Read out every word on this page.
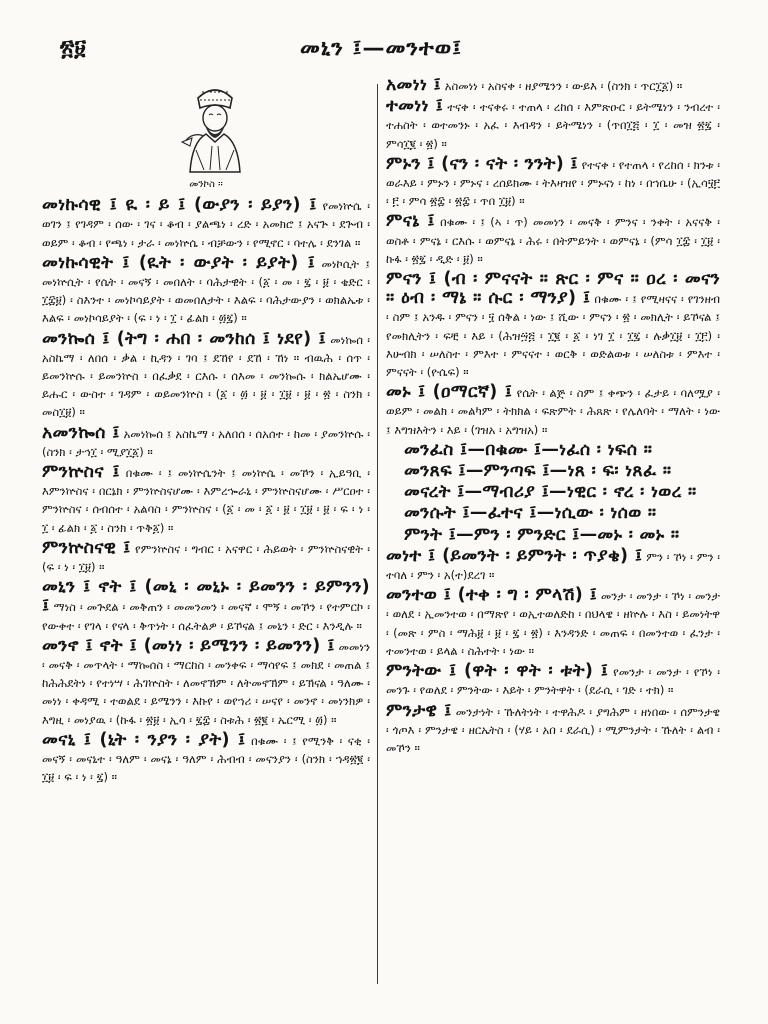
፳፱	መኒን ፤—መንተወ፤
መንኮስ ።
መነኩሳዊ ፤ ዪ ፡ ይ ፤ (ውያን ፡ ይያን) ፤ የመነኵሴ ፡ ወገን ፤ የገዳም ፡ ሰው ፡ ገና ፡ ቆብ ፡ ያልጫነ ፡ ረድ ፡ አመክሮ ፤ አናጕ ፡ ደጕብ ፡ ወይም ፡ ቆብ ፡ የጫነ ፡ ታራ ፡ መነኵሴ ፡ ብቻውን ፡ የሚኖር ፡ ባተሌ ፡ ደንገል ።
መነኩሳዊት ፤ (ዪት ፡ ውያት ፡ ይያት) ፤ መነኮሲት ፤ መነኵሲት ፡ የሴት ፡ መናኝ ፡ መበለት ፡ ባሕታዊት ፡ (፩ ፡ መ ፡ ፯ ፡ ፱ ፡ ቄድር ፡ ፲፰፱) ፡ ስእንተ ፡ መነኮሳይያት ፡ ወመበለታት ፡ እልፍ ፡ ባሕታውያን ፡ ወክልኤቱ ፡ እልፍ ፡ መነኮሳይያት ፡ (ፍ ፡ ነ ፡ ፲ ፡ ፊልክ ፡ ፴፯) ።
መንኰሰ ፤ (ትግ ፡ ሐበ ፡ መንከሰ ፤ ነደየ) ፤ መነኰሰ ፡ አስኬማ ፡ ለበሰ ፡ ቃል ፡ ኪዳን ፡ ገባ ፤ ደኸየ ፡ ደኸ ፡ ኸነ ። ብዉሕ ፡ ሰጥ ፡ ይመንኵሱ ፡ ይመንኵስ ፡ በፈቃደ ፡ ርእሱ ፡ ሰእመ ፡ መንኰሱ ፡ ክልኤሆሙ ፡ ይሑር ፡ ውስተ ፡ ገዳም ፡ ወይመንኵስ ፡ (፩ ፡ ፴ ፡ ፱ ፡ ፲፱ ፡ ፱ ፡ ፳ ፡ ስንክ ፡ መስ፲፱) ።
አመንኰሰ ፤ አመነኰሰ ፤ አስኬማ ፡ አለበሰ ፡ ሰአሰተ ፡ ከመ ፡ ያመንኵሱ ፡ (ስንክ ፡ ታኅ፲ ፡ ሚያ፲፩) ።
ምንኵስና ፤ በቁሙ ፡ ፤ መነኵሴንት ፤ መነኵሴ ፡ መኾን ፡ ኢይዓቢ ፡ እምንኵስና ፡ በርኔክ ፡ ምንኵስናሆሙ ፡ እምረኈራኒ ፡ ምንኵስናሆሙ ፡ ሥርዐተ ፡ ምንኵስና ፡ ሰብሰተ ፡ አልባስ ፡ ምንኵስና ፡ (፩ ፡ መ ፡ ፩ ፡ ፱ ፡ ፲፱ ፡ ፱ ፡ ፍ ፡ ነ ፡ ፲ ፡ ፊልክ ፡ ፩ ፡ ስንክ ፡ ጥቅ፩) ።
ምንኵስናዊ ፤ የምንኵስና ፡ ግብር ፡ አናዋር ፡ ሕይወት ፡ ምንኵስናዊት ፡ (ፍ ፡ ነ ፡ ፲፱) ።
መኒን ፤ ኖት ፤ (መኒ ፡ መኒኑ ፡ ይመንን ፡ ይምንን) ፤ ማነስ ፡ መጕደል ፡ መቅጠን ፡ መመንመን ፡ መናኛ ፡ ሞኝ ፡ መኾን ፡ የተምርኮ ፡ የውቀተ ፡ የገላ ፡ የናላ ፡ ቅጥነት ፡ ሰፈትልዎ ፡ ይኾናል ፤ መኒን ፡ ድር ፡ እንዲሉ ።
መንኖ ፤ ኖት ፤ (መነነ ፡ ይሜንን ፡ ይመንን) ፤ መመነን ፡ መናቅ ፡ መጥላት ፡ ማኰሰስ ፡ ማርከስ ፡ መንቀፍ ፡ ማሳየፍ ፤ መክደ ፡ መጠል ፤ ከሕሕደትነ ፡ የተነሣ ፡ ሕገኵስት ፡ ለመኖኽም ፡ ለትመኖኽም ፡ ይኽናል ፡ ዓለሙ ፡ መነነ ፡ ቀዳሚ ፡ ተወልደ ፡ ይሜንን ፡ እኩየ ፡ ወየኀሪ ፡ ሠናየ ፡ መንኖ ፡ መነንክዎ ፡ እግዚ ፡ መነያዉ ፡ (ኩፋ ፡ ፳፱ ፡ ኢሳ ፡ ፯፰ ፡ ስቱሕ ፡ ፳፪ ፡ ኤርሚ ፡ ፴) ።
መናኒ ፤ (ኒት ፡ ንያን ፡ ያት) ፤ በቁሙ ፡ ፤ የሚንቅ ፡ ናቂ ፡ መናኝ ፡ መናኒተ ፡ ዓለም ፡ መናኔ ፡ ዓለም ፡ ሕብብ ፡ መናንያን ፡ (ስንክ ፡ ኀዳ፳፪ ፡ ፲፱ ፡ ፍ ፡ ነ ፡ ፯) ።
አመነነ ፤ አስመነነ ፡ አስናቀ ፡ ዘያሜንን ፡ ውይእ ፡ (ስንክ ፡ ጥር፲፩) ።
ተመነነ ፤ ተናቀ ፡ ተናቀሩ ፡ ተጠላ ፡ ረከሰ ፡ እምጽዑር ፡ ይትሜነን ፡ ንብረተ ፡ ተሐስት ፡ ወተመንኑ ፡ አፈ ፡ እብዳን ፡ ይትሜነን ፡ (ጥበ፲፭ ፡ ፲ ፡ መዝ ፳፯ ፡ ምሳ፲፪ ፡ ፳) ።
ምኑን ፤ (ናን ፡ ናት ፡ ንንት) ፤ የተናቀ ፡ የተጠላ ፡ የረከሰ ፡ ክንቱ ፡ ወራእይ ፡ ምኑን ፡ ምኑና ፡ ረሰይክሙ ፡ ትእዛዝየ ፡ ምኑናነ ፡ ከነ ፡ በኀቤሁ ፡ (ኢሳ፶፫ ፡ ፫ ፡ ምሳ ፳፰ ፡ ፳፰ ፡ ጥበ ፲፱) ።
ምናኔ ፤ በቁሙ ፡ ፤ (ኣ ፡ ጥ) መመነን ፡ መናቅ ፡ ምንና ፡ ንቀት ፡ አናናቅ ፡ ወስቶ ፡ ምናኔ ፡ ርእሱ ፡ ወምናኔ ፡ ሕሩ ፡ በትምይንት ፡ ወምናኔ ፡ (ምሳ ፲፰ ፡ ፲፱ ፡ ኩፋ ፡ ፳፯ ፡ ዲድ ፡ ፱) ።
ምናን ፤ (ብ ፡ ምናናት ። ጽር ፡ ምና ። ዐረ ፡ መናን ። ዕብ ፡ ማኔ ። ሱር ፡ ማንያ) ፤ በቁሙ ፡ ፤ የሚዛናና ፡ የገንዘብ ፡ ስም ፤ አንዱ ፡ ምናን ፡ ፶ ሰቅል ፡ ነው ፤ ሺው ፡ ምናን ፡ ፳ ፡ መክሊት ፡ ይኾናል ፤ የመክሊትን ፡ ፍቺ ፡ እይ ፡ (ሕዝ፵፭ ፡ ፲፪ ፡ ፩ ፡ ነገ ፲ ፡ ፲፯ ፡ ሉቃ፲፱ ፡ ፲፫) ፡ እሁብክ ፡ ሠለስተ ፡ ምእተ ፡ ምናናተ ፡ ወርቅ ፡ ወድልወቱ ፡ ሠለስቱ ፡ ምእተ ፡ ምናናት ፡ (ዮሴፍ) ።
መኑ ፤ (ዐማርኛ) ፤ የሴት ፡ ልጅ ፡ ስም ፤ ቀጭን ፡ ፈታይ ፡ ባለሟያ ፡ ወይም ፡ መልክ ፡ መልካም ፡ ትክክል ፡ ፍጽምት ፡ ሕጸጽ ፡ የሌለባት ፡ ማለት ፡ ነው ፤ እግዝእትን ፡ እይ ፡ (ገዝአ ፡ አግዝአ) ።
መንፈስ ፤—በቁሙ ፤—ነፈሰ ፡ ነፍሰ ።
መንጸፍ ፤—ምንጣፍ ፤—ነጸ ፡ ፍ፡ ነጸፈ ።
መናረት ፤—ማብሪያ ፤—ነዊር ፡ ኖረ ፡ ነወረ ።
መንሱት ፤—ፈተና ፤—ነሲው ፡ ነሰወ ።
ምንት ፤—ምን ፡ ምንድር ፤—መኑ ፡ መኑ ።
መነተ ፤ (ይመንት ፡ ይምንት ፡ ጥያቄ) ፤ ምን ፡ ኾነ ፡ ምን ፡ ተባለ ፡ ምን ፡ አ(ተ)ደረገ ።
መንተወ ፤ (ተቀ ፡ ግ ፡ ምላሽ) ፤ መንታ ፡ መንታ ፡ ኾነ ፡ መንታ ፡ ወለደ ፡ ኢመንተወ ፡ በማጽየ ፡ ወኢተወለድከ ፡ በህላዌ ፡ ዘኵሉ ፡ እስ ፡ ይመነትዋ ፡ (መጽ ፡ ምስ ፡ ማሕ፱ ፡ ፱ ፡ ፯ ፡ ፳) ፡ እንዳንድ ፡ መጠፍ ፡ በመንተወ ፡ ፈንታ ፡ ተመንተወ ፡ ይላል ፡ ስሕተት ፡ ነው ።
ምንትው ፤ (ዋት ፡ ዋት ፡ ቱት) ፤ የመንታ ፡ መንታ ፡ የኾነ ፡ መንጉ ፡ የወለደ ፡ ምንትው ፡ እይት ፡ ምንትዋት ፡ (ደራሲ ፡ ገድ ፡ ተክ) ።
ምንታዌ ፤ መንታነት ፡ ኹለትነት ፡ ተዋሕዶ ፡ ያግሕም ፡ ዘነበው ፡ ሰምንታዌ ፡ ጎጦእ ፡ ምንታዌ ፡ ዘርኤትስ ፡ (ሃይ ፡ አበ ፡ ደራሲ) ፡ ሚምንታት ፡ ኹለት ፡ ልብ ፡ መኾን ።
